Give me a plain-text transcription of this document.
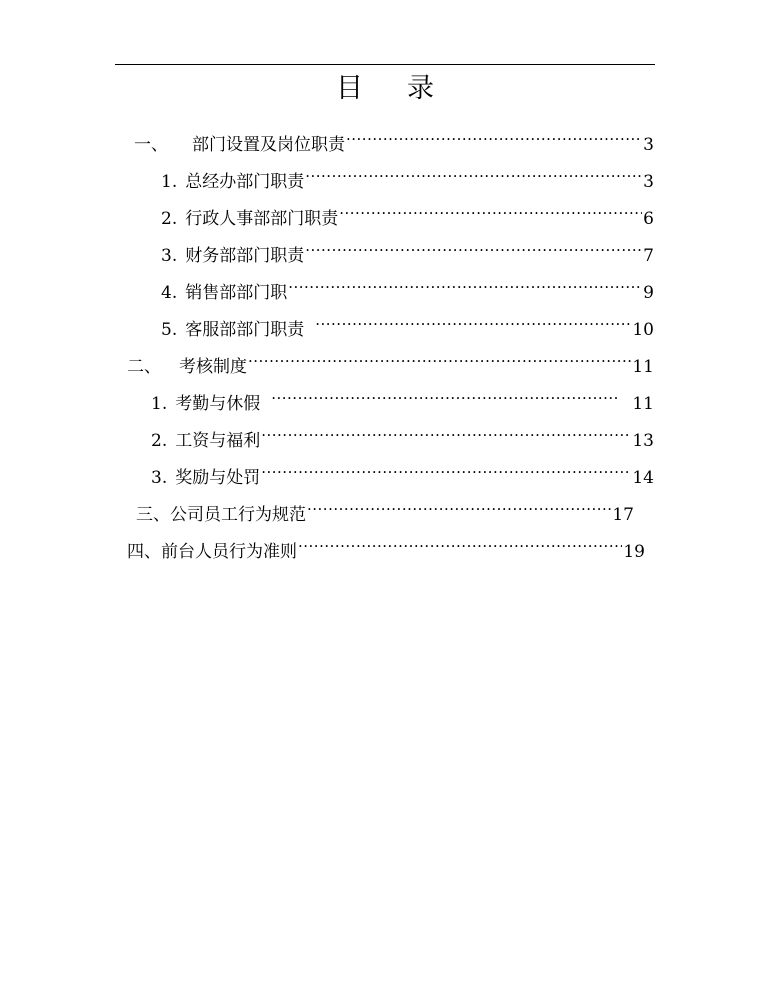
目 录
一、 部门设置及岗位职责 ·····	3
1. 总经办部门职责 ·····	3
2. 行政人事部部门职责 ·····	6
3. 财务部部门职责 ·····	7
4. 销售部部门职 ·····	9
5. 客服部部门职责 ·····	10
二、 考核制度 ·····	11
1. 考勤与休假 ·····	11
2. 工资与福利 ·····	13
3. 奖励与处罚 ·····	14
三、 公司员工行为规范 ·····	17
四、 前台人员行为准则 ·····	19
